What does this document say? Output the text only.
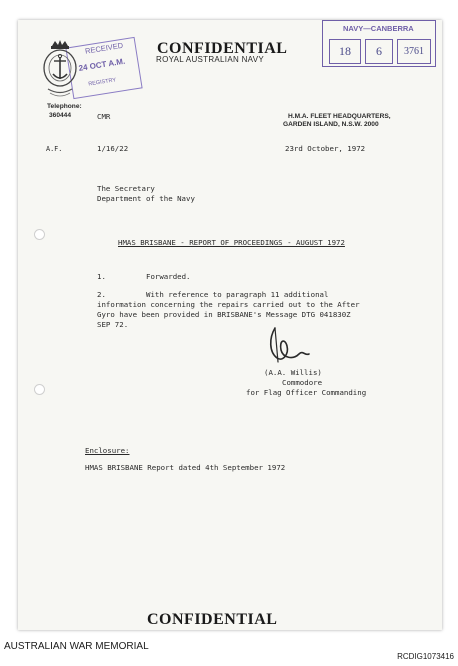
RECEIVED
24 OCT A.M.
REGISTRY
NAVY—CANBERRA
18	6	3761
CONFIDENTIAL
ROYAL AUSTRALIAN NAVY
Telephone:
360444	CMR	H.M.A. FLEET HEADQUARTERS,
GARDEN ISLAND, N.S.W. 2000
A.F.	1/16/22	23rd October, 1972
The Secretary
Department of the Navy
HMAS BRISBANE - REPORT OF PROCEEDINGS - AUGUST 1972
1.	Forwarded.
2.	With reference to paragraph 11 additional
information concerning the repairs carried out to the After
Gyro have been provided in BRISBANE's Message DTG 041830Z
SEP 72.
(A.A. Willis)
Commodore
for Flag Officer Commanding
Enclosure:
HMAS BRISBANE Report dated 4th September 1972
CONFIDENTIAL
AUSTRALIAN WAR MEMORIAL
RCDIG1073416
